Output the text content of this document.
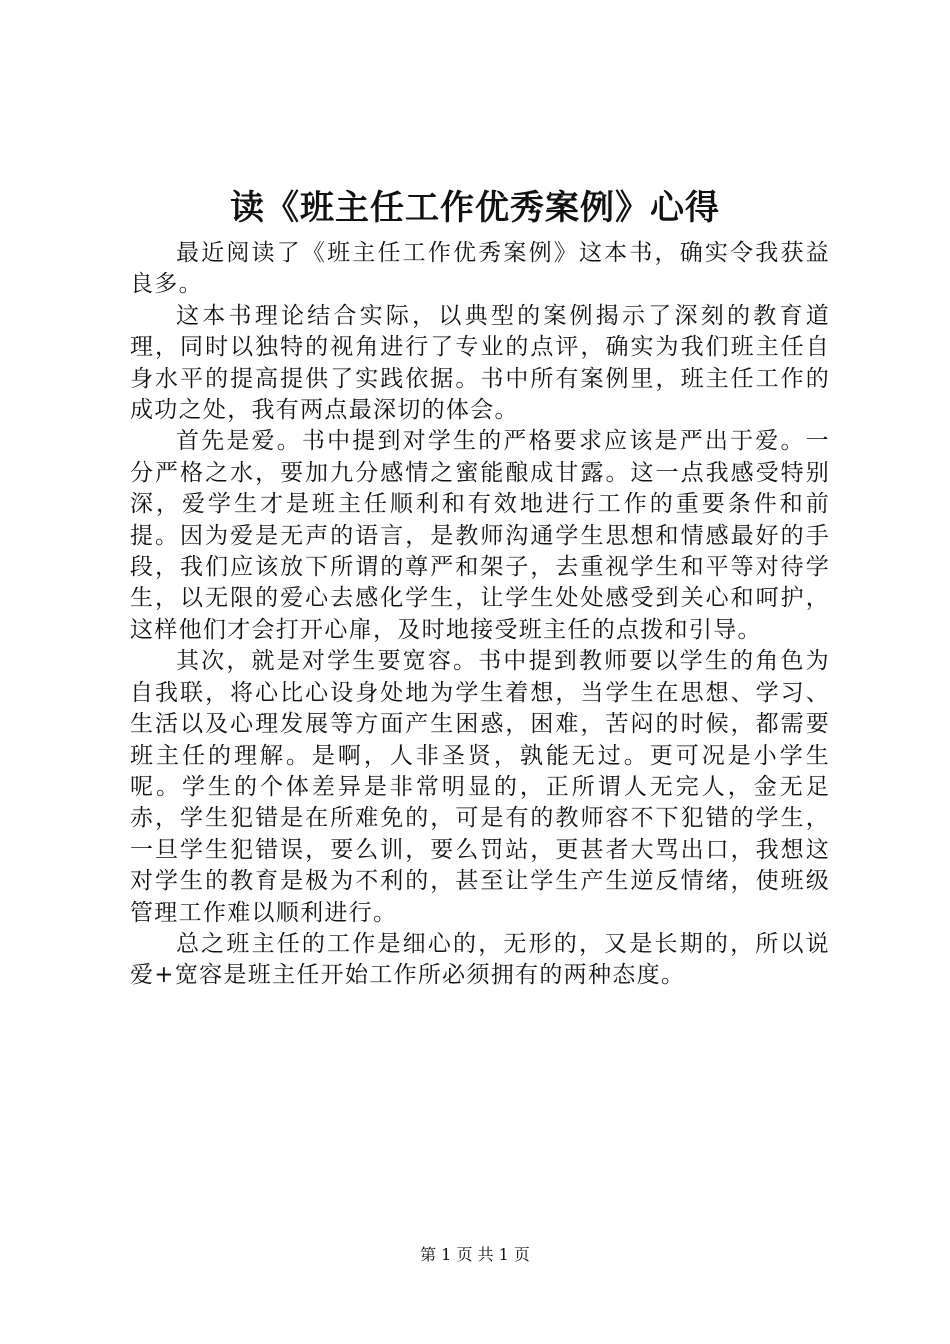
读《班主任工作优秀案例》心得

最近阅读了《班主任工作优秀案例》这本书，确实令我获益良多。

这本书理论结合实际，以典型的案例揭示了深刻的教育道理，同时以独特的视角进行了专业的点评，确实为我们班主任自身水平的提高提供了实践依据。书中所有案例里，班主任工作的成功之处，我有两点最深切的体会。

首先是爱。书中提到对学生的严格要求应该是严出于爱。一分严格之水，要加九分感情之蜜能酿成甘露。这一点我感受特别深，爱学生才是班主任顺利和有效地进行工作的重要条件和前提。因为爱是无声的语言，是教师沟通学生思想和情感最好的手段，我们应该放下所谓的尊严和架子，去重视学生和平等对待学生，以无限的爱心去感化学生，让学生处处感受到关心和呵护，这样他们才会打开心扉，及时地接受班主任的点拨和引导。

其次，就是对学生要宽容。书中提到教师要以学生的角色为自我联，将心比心设身处地为学生着想，当学生在思想、学习、生活以及心理发展等方面产生困惑，困难，苦闷的时候，都需要班主任的理解。是啊，人非圣贤，孰能无过。更可况是小学生呢。学生的个体差异是非常明显的，正所谓人无完人，金无足赤，学生犯错是在所难免的，可是有的教师容不下犯错的学生，一旦学生犯错误，要么训，要么罚站，更甚者大骂出口，我想这对学生的教育是极为不利的，甚至让学生产生逆反情绪，使班级管理工作难以顺利进行。

总之班主任的工作是细心的，无形的，又是长期的，所以说爱+宽容是班主任开始工作所必须拥有的两种态度。

第 1 页 共 1 页
